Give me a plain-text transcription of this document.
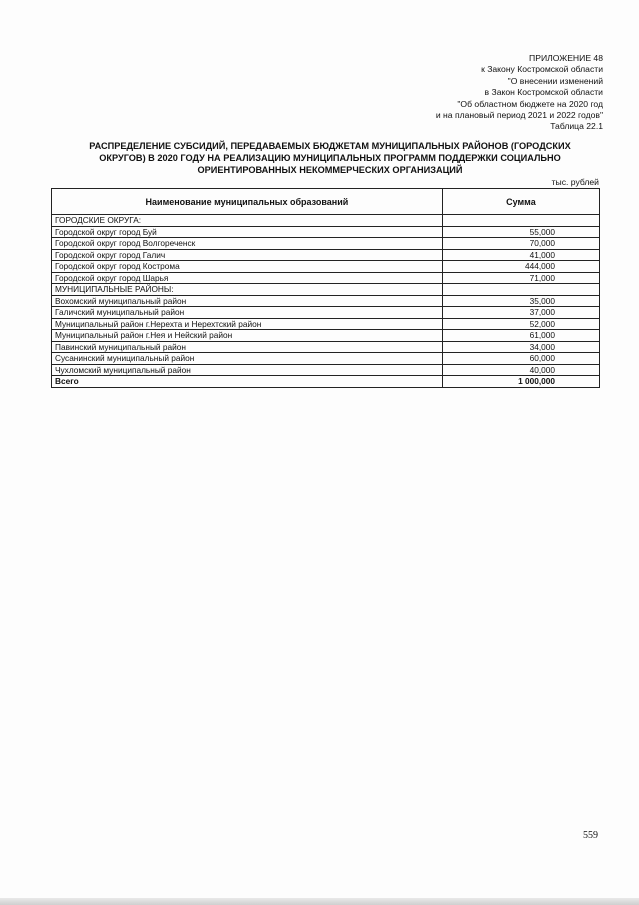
ПРИЛОЖЕНИЕ 48
к Закону Костромской области
"О внесении изменений
в Закон Костромской области
"Об областном бюджете на 2020 год
и на плановый период 2021 и 2022 годов"
Таблица 22.1
РАСПРЕДЕЛЕНИЕ СУБСИДИЙ, ПЕРЕДАВАЕМЫХ БЮДЖЕТАМ МУНИЦИПАЛЬНЫХ РАЙОНОВ (ГОРОДСКИХ
ОКРУГОВ) В 2020 ГОДУ НА РЕАЛИЗАЦИЮ МУНИЦИПАЛЬНЫХ ПРОГРАММ ПОДДЕРЖКИ СОЦИАЛЬНО
ОРИЕНТИРОВАННЫХ НЕКОММЕРЧЕСКИХ ОРГАНИЗАЦИЙ
тыс. рублей
Наименование муниципальных образований	Сумма
ГОРОДСКИЕ ОКРУГА:	
Городской округ город Буй	55,000
Городской округ город Волгореченск	70,000
Городской округ город Галич	41,000
Городской округ город Кострома	444,000
Городской округ город Шарья	71,000
МУНИЦИПАЛЬНЫЕ РАЙОНЫ:	
Вохомский муниципальный район	35,000
Галичский муниципальный район	37,000
Муниципальный район г.Нерехта и Нерехтский район	52,000
Муниципальный район г.Нея и Нейский район	61,000
Павинский муниципальный район	34,000
Сусанинский муниципальный район	60,000
Чухломский муниципальный район	40,000
Всего	1 000,000
559
